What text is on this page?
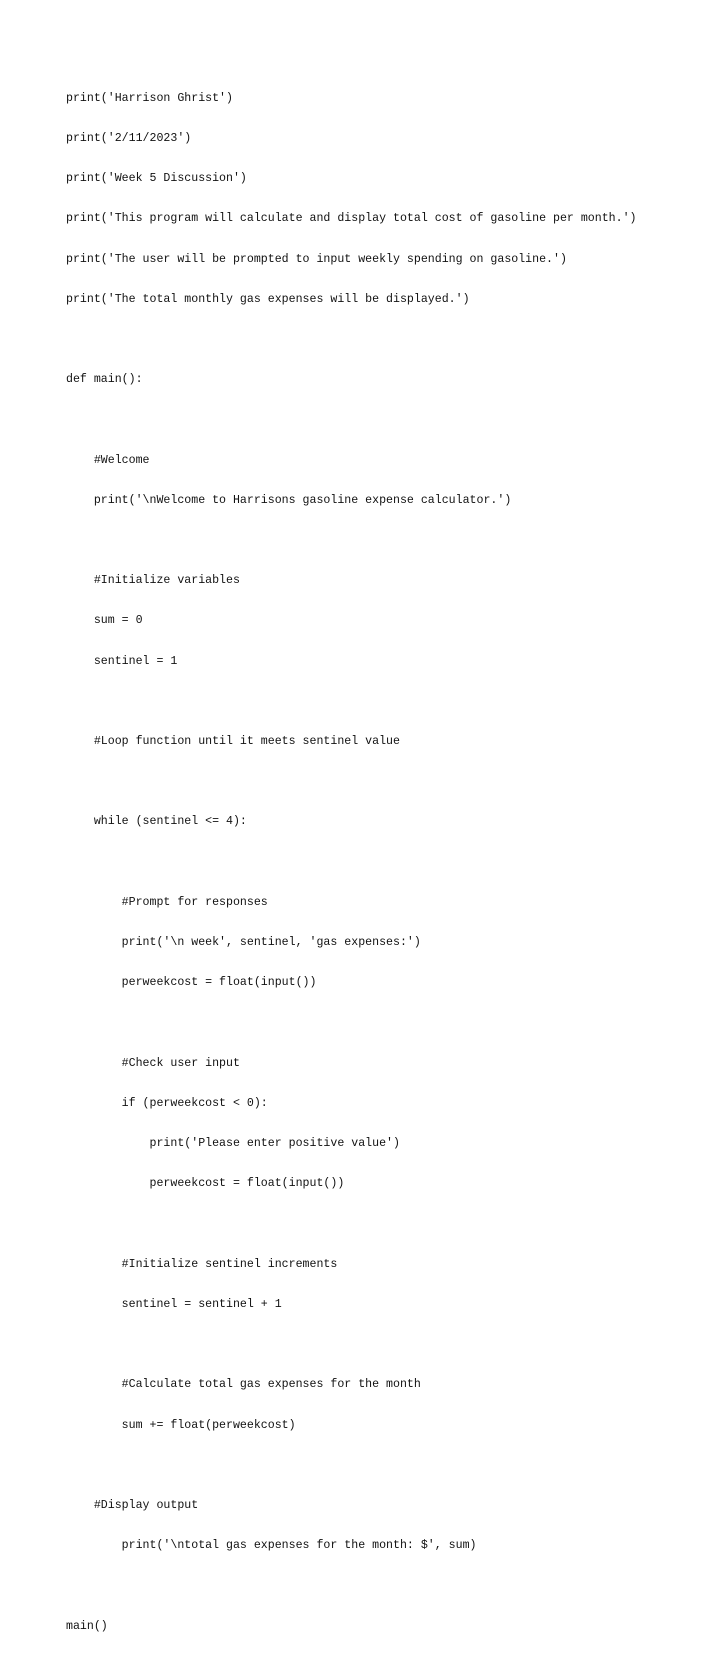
print('Harrison Ghrist')

print('2/11/2023')

print('Week 5 Discussion')

print('This program will calculate and display total cost of gasoline per month.')

print('The user will be prompted to input weekly spending on gasoline.')

print('The total monthly gas expenses will be displayed.')

def main():

#Welcome

print('\nWelcome to Harrisons gasoline expense calculator.')

#Initialize variables

sum = 0

sentinel = 1

#Loop function until it meets sentinel value

while (sentinel <= 4):

#Prompt for responses

print('\n week', sentinel, 'gas expenses:')

perweekcost = float(input())

#Check user input

if (perweekcost < 0):

print('Please enter positive value')

perweekcost = float(input())

#Initialize sentinel increments

sentinel = sentinel + 1

#Calculate total gas expenses for the month

sum += float(perweekcost)

#Display output

print('\ntotal gas expenses for the month: $', sum)

main()
